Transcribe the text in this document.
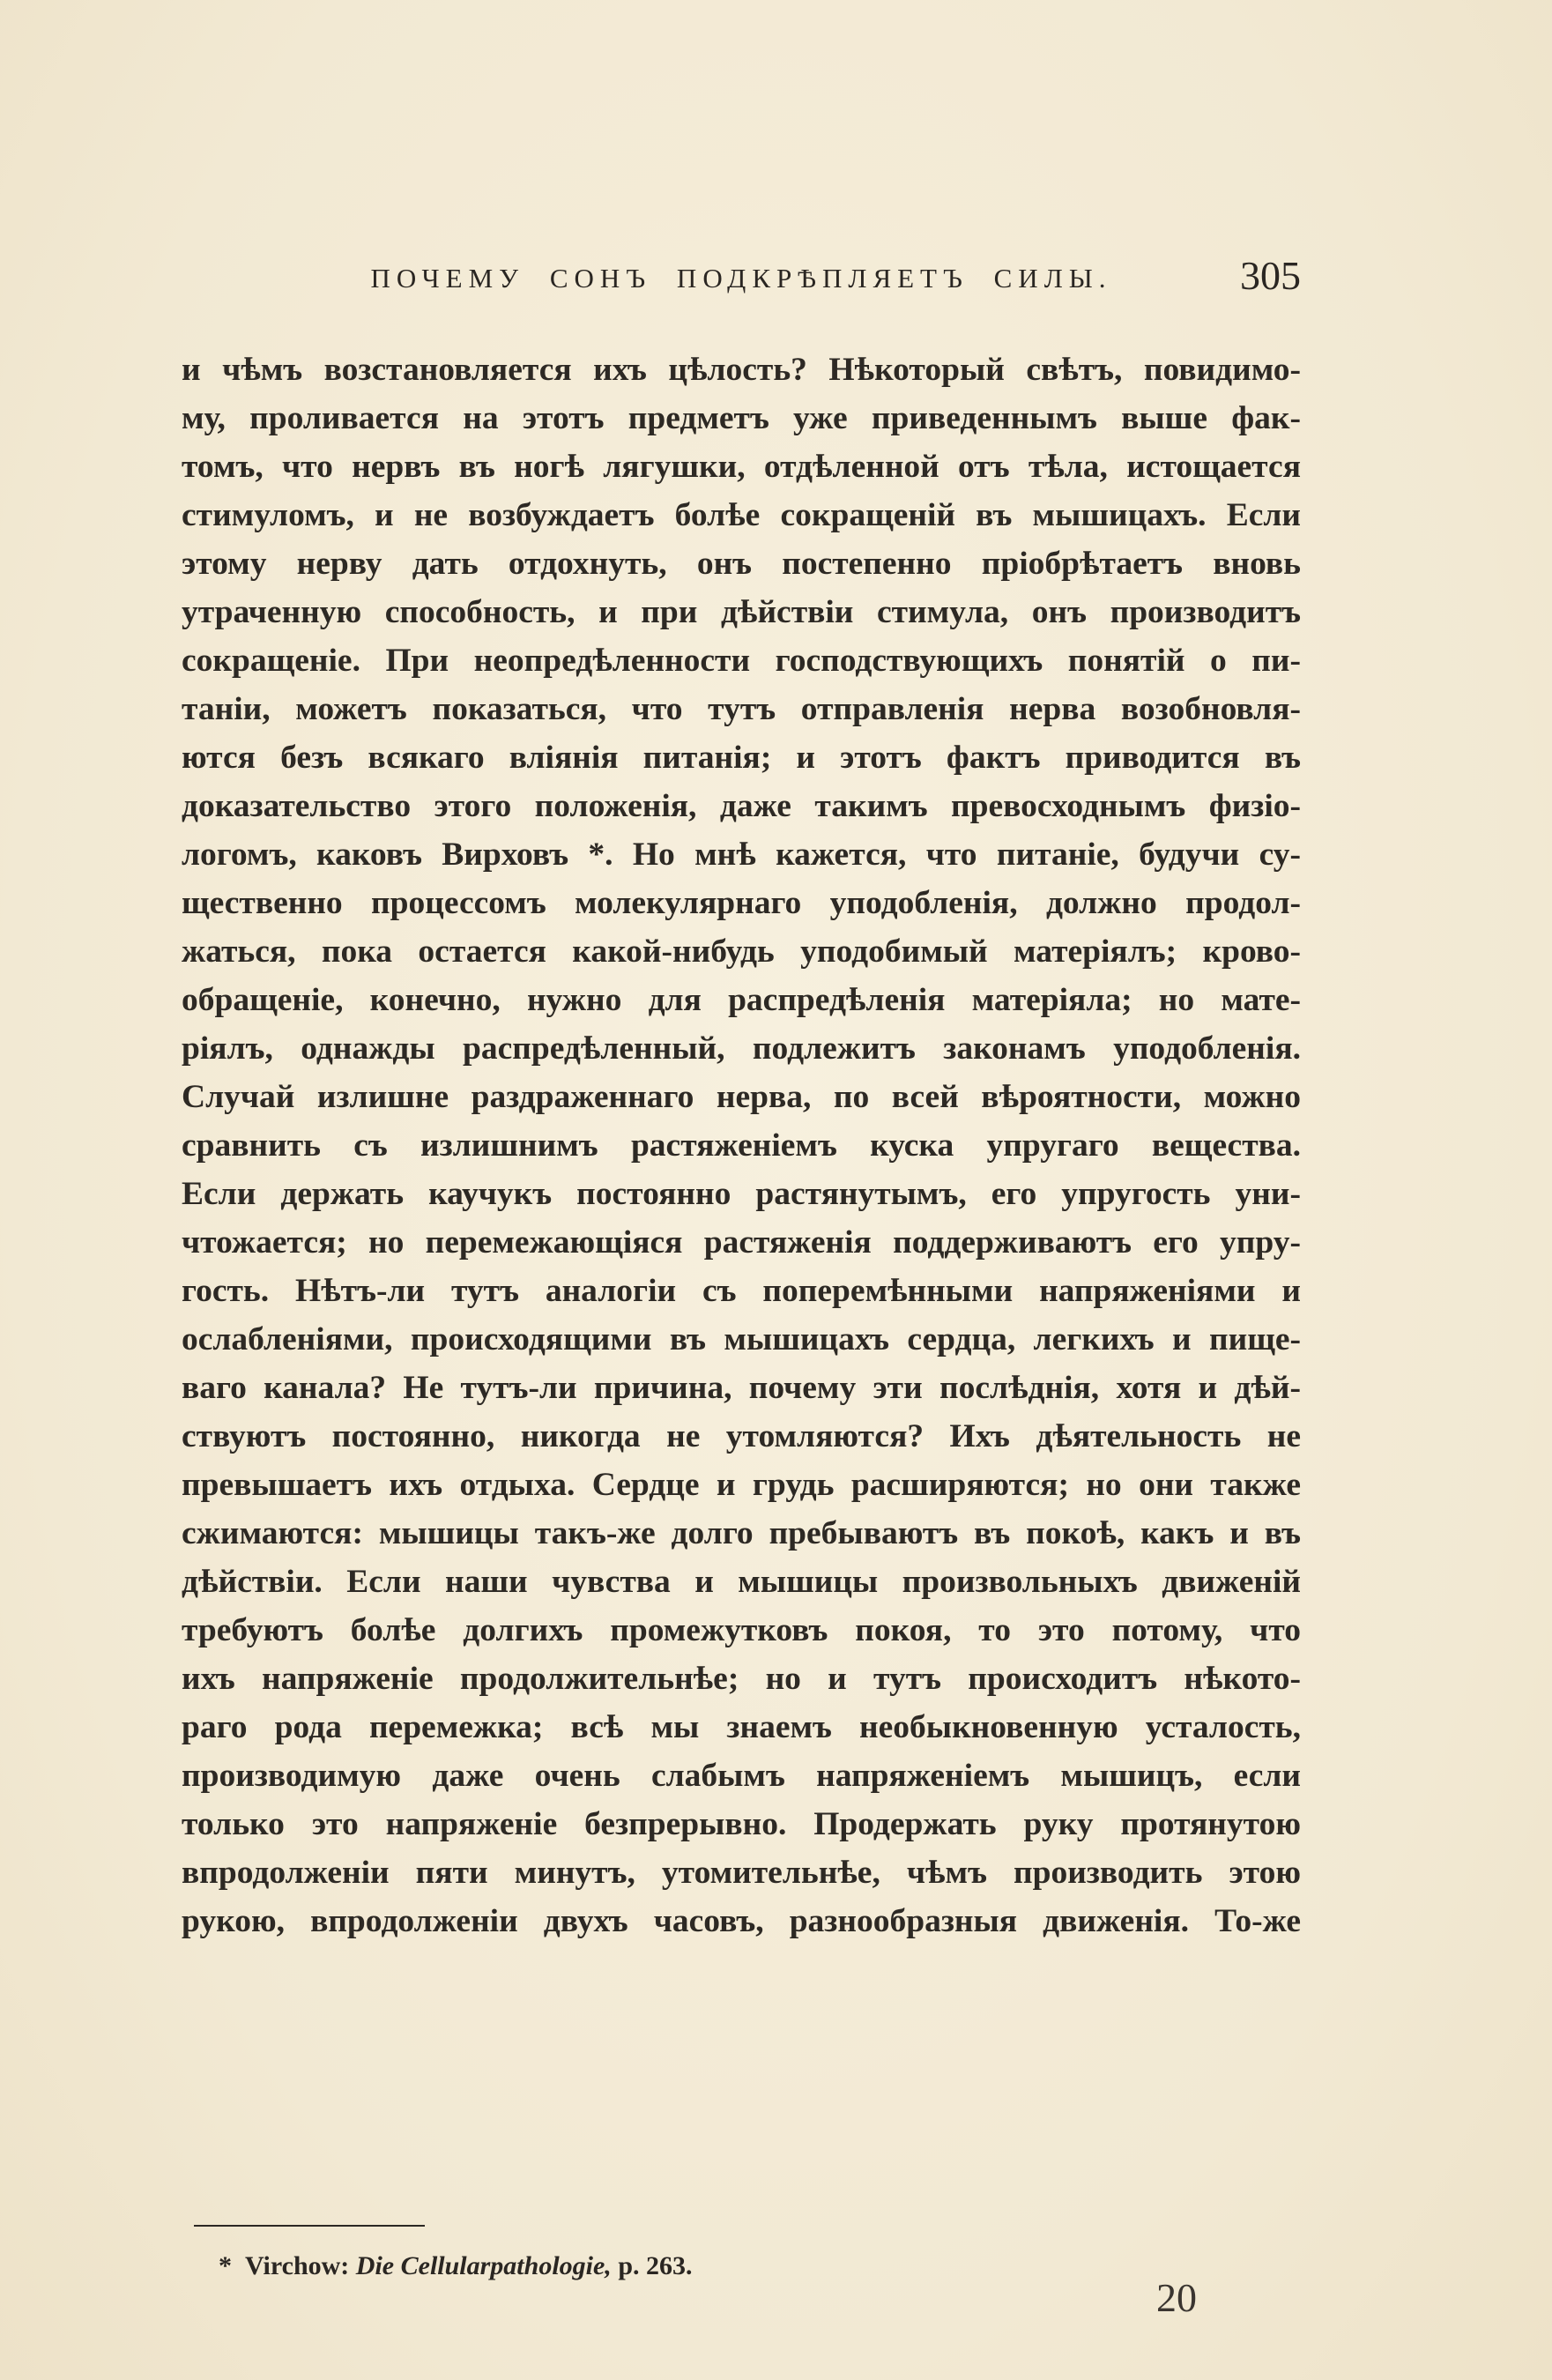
ПОЧЕМУ СОНЪ ПОДКРѢПЛЯЕТЪ СИЛЫ.	305
и чѣмъ возстановляется ихъ цѣлость? Нѣкоторый свѣтъ, повидимо-
му, проливается на этотъ предметъ уже приведеннымъ выше фак-
томъ, что нервъ въ ногѣ лягушки, отдѣленной отъ тѣла, истощается
стимуломъ, и не возбуждаетъ болѣе сокращеній въ мышицахъ. Если
этому нерву дать отдохнуть, онъ постепенно пріобрѣтаетъ вновь
утраченную способность, и при дѣйствіи стимула, онъ производитъ
сокращеніе. При неопредѣленности господствующихъ понятій о пи-
таніи, можетъ показаться, что тутъ отправленія нерва возобновля-
ются безъ всякаго вліянія питанія; и этотъ фактъ приводится въ
доказательство этого положенія, даже такимъ превосходнымъ физіо-
логомъ, каковъ Вирховъ *. Но мнѣ кажется, что питаніе, будучи су-
щественно процессомъ молекулярнаго уподобленія, должно продол-
жаться, пока остается какой-нибудь уподобимый матеріялъ; крово-
обращеніе, конечно, нужно для распредѣленія матеріяла; но мате-
ріялъ, однажды распредѣленный, подлежитъ законамъ уподобленія.
Случай излишне раздраженнаго нерва, по всей вѣроятности, можно
сравнить съ излишнимъ растяженіемъ куска упругаго вещества.
Если держать каучукъ постоянно растянутымъ, его упругость уни-
чтожается; но перемежающіяся растяженія поддерживаютъ его упру-
гость. Нѣтъ-ли тутъ аналогіи съ поперемѣнными напряженіями и
ослабленіями, происходящими въ мышицахъ сердца, легкихъ и пище-
ваго канала? Не тутъ-ли причина, почему эти послѣднія, хотя и дѣй-
ствуютъ постоянно, никогда не утомляются? Ихъ дѣятельность не
превышаетъ ихъ отдыха. Сердце и грудь расширяются; но они также
сжимаются: мышицы такъ-же долго пребываютъ въ покоѣ, какъ и въ
дѣйствіи. Если наши чувства и мышицы произвольныхъ движеній
требуютъ болѣе долгихъ промежутковъ покоя, то это потому, что
ихъ напряженіе продолжительнѣе; но и тутъ происходитъ нѣкото-
раго рода перемежка; всѣ мы знаемъ необыкновенную усталость,
производимую даже очень слабымъ напряженіемъ мышицъ, если
только это напряженіе безпрерывно. Продержать руку протянутою
впродолженіи пяти минутъ, утомительнѣе, чѣмъ производить этою
рукою, впродолженіи двухъ часовъ, разнообразныя движенія. То-же
* Virchow: Die Cellularpathologie, p. 263.
20
